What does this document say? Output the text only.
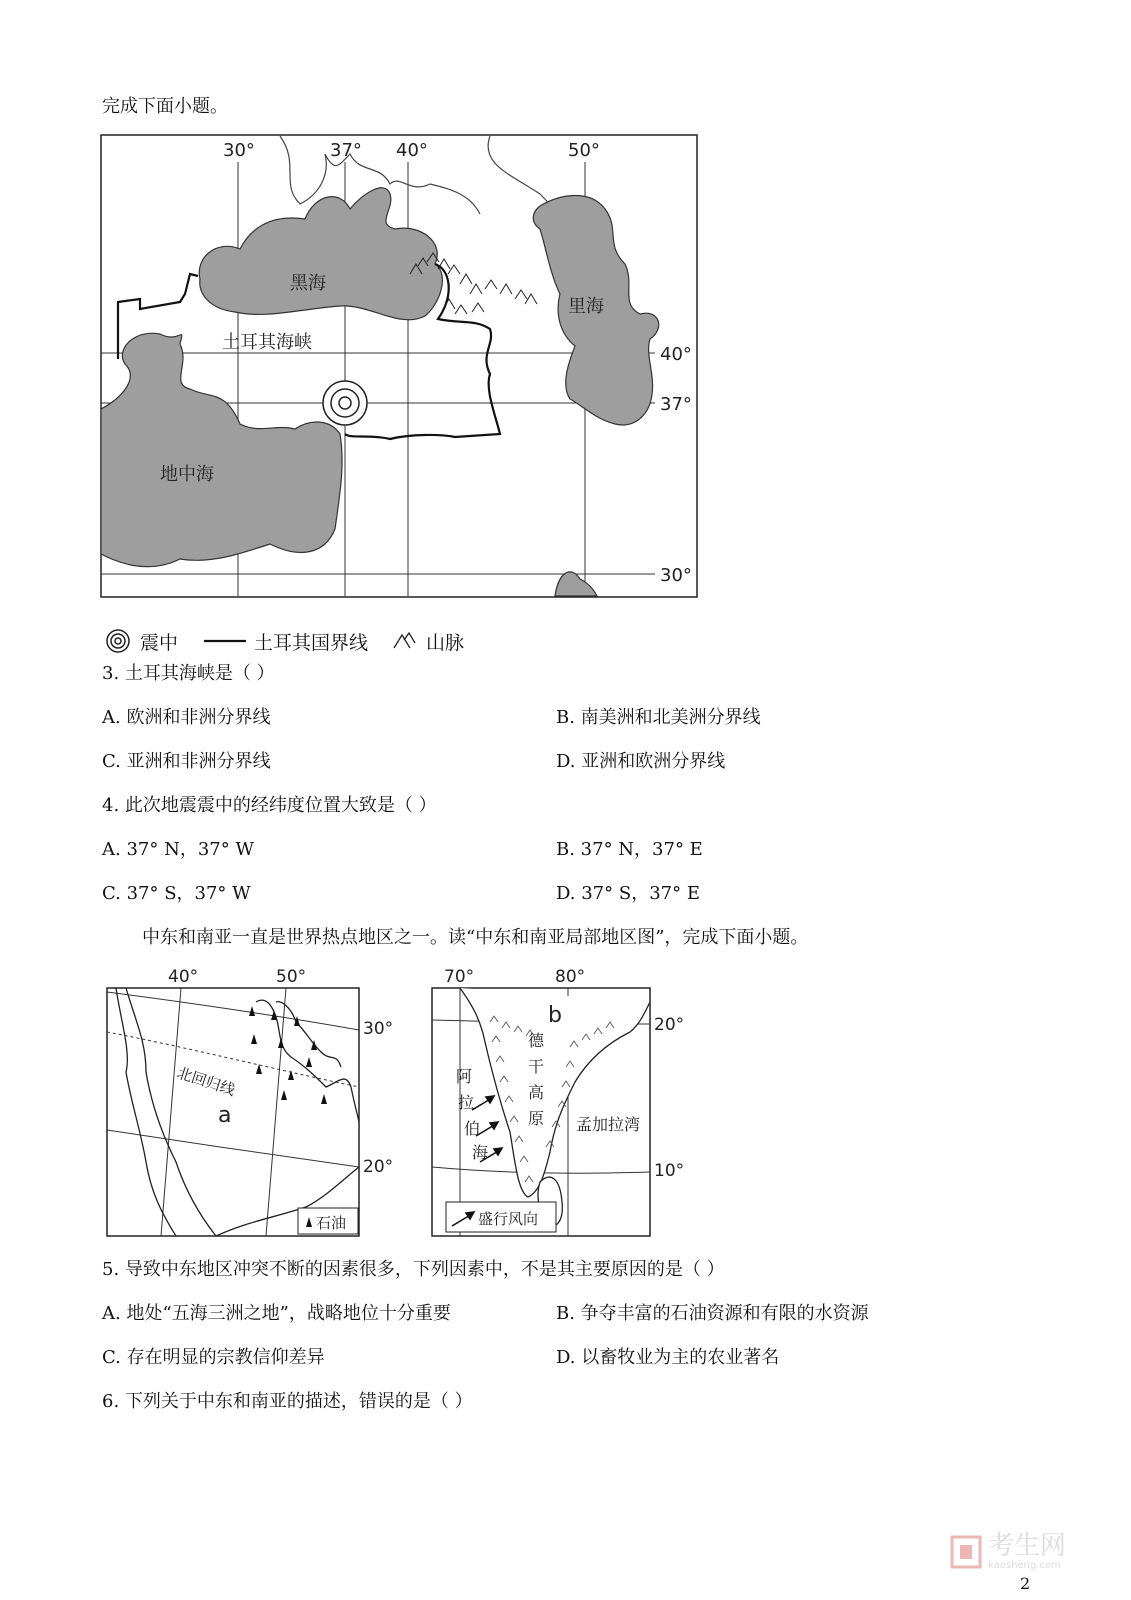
完成下面小题。
30°	37° 40°	50°
40°
37°
30°
黑海
里海
地中海
土耳其海峡
震中	土耳其国界线	山脉
3. 土耳其海峡是（ ）
A. 欧洲和非洲分界线	B. 南美洲和北美洲分界线
C. 亚洲和非洲分界线	D. 亚洲和欧洲分界线
4. 此次地震震中的经纬度位置大致是（ ）
A. 37° N，37° W	B. 37° N，37° E
C. 37° S，37° W	D. 37° S，37° E
中东和南亚一直是世界热点地区之一。读“中东和南亚局部地区图”，完成下面小题。
40°	50°
30°
20°
北回归线
a
石油
70°	80°
20°
10°
b
德
干
高
原
阿
拉
伯
海
孟加拉湾
盛行风向
5. 导致中东地区冲突不断的因素很多，下列因素中，不是其主要原因的是（ ）
A. 地处“五海三洲之地”，战略地位十分重要	B. 争夺丰富的石油资源和有限的水资源
C. 存在明显的宗教信仰差异	D. 以畜牧业为主的农业著名
6. 下列关于中东和南亚的描述，错误的是（ ）
考生网
kaosheng.com
2
